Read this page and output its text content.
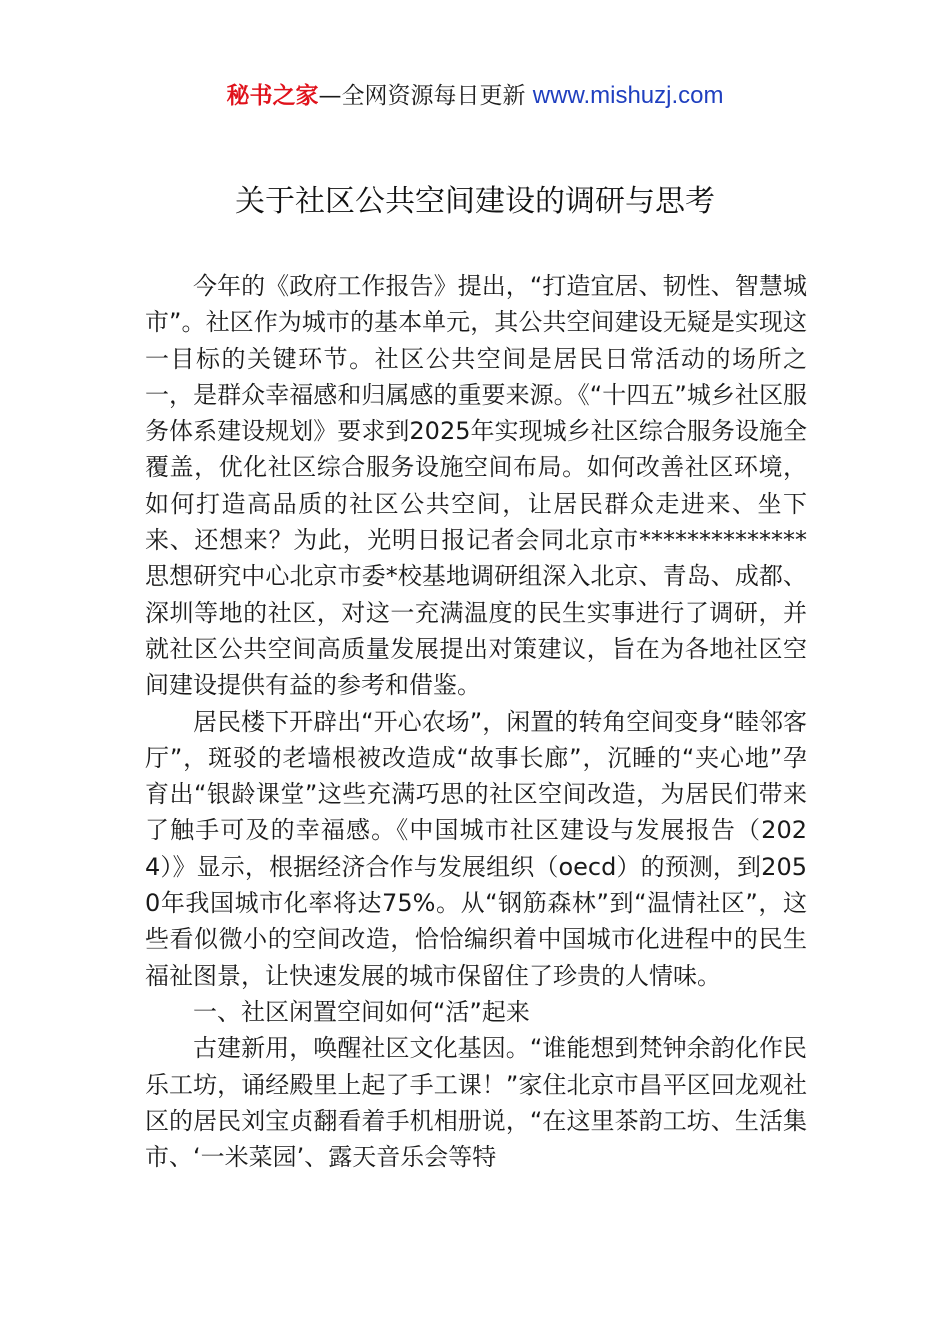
秘书之家—全网资源每日更新 www.mishuzj.com
关于社区公共空间建设的调研与思考

今年的《政府工作报告》提出，“打造宜居、韧性、智慧城市”。社区作为城市的基本单元，其公共空间建设无疑是实现这一目标的关键环节。社区公共空间是居民日常活动的场所之一，是群众幸福感和归属感的重要来源。《“十四五”城乡社区服务体系建设规划》要求到2025年实现城乡社区综合服务设施全覆盖，优化社区综合服务设施空间布局。如何改善社区环境，如何打造高品质的社区公共空间，让居民群众走进来、坐下来、还想来？为此，光明日报记者会同北京市**************思想研究中心北京市委*校基地调研组深入北京、青岛、成都、深圳等地的社区，对这一充满温度的民生实事进行了调研，并就社区公共空间高质量发展提出对策建议，旨在为各地社区空间建设提供有益的参考和借鉴。

居民楼下开辟出“开心农场”，闲置的转角空间变身“睦邻客厅”，斑驳的老墙根被改造成“故事长廊”，沉睡的“夹心地”孕育出“银龄课堂”这些充满巧思的社区空间改造，为居民们带来了触手可及的幸福感。《中国城市社区建设与发展报告（2024）》显示，根据经济合作与发展组织（oecd）的预测，到2050年我国城市化率将达75%。从“钢筋森林”到“温情社区”，这些看似微小的空间改造，恰恰编织着中国城市化进程中的民生福祉图景，让快速发展的城市保留住了珍贵的人情味。

一、社区闲置空间如何“活”起来

古建新用，唤醒社区文化基因。“谁能想到梵钟余韵化作民乐工坊，诵经殿里上起了手工课！”家住北京市昌平区回龙观社区的居民刘宝贞翻看着手机相册说，“在这里茶韵工坊、生活集市、‘一米菜园’、露天音乐会等特
